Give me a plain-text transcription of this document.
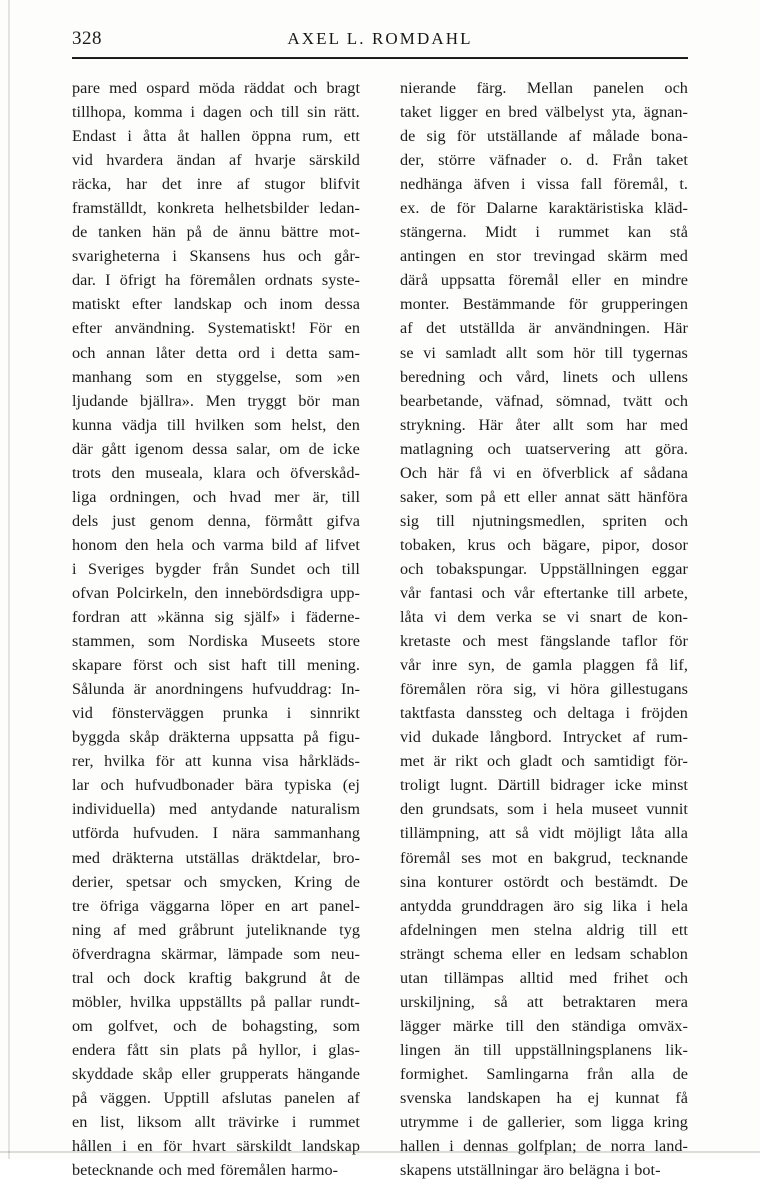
328	AXEL L. ROMDAHL
pare med ospard möda räddat och bragt
tillhopa, komma i dagen och till sin rätt.
Endast i åtta åt hallen öppna rum, ett
vid hvardera ändan af hvarje särskild
räcka, har det inre af stugor blifvit
framställdt, konkreta helhetsbilder ledan-
de tanken hän på de ännu bättre mot-
svarigheterna i Skansens hus och går-
dar. I öfrigt ha föremålen ordnats syste-
matiskt efter landskap och inom dessa
efter användning. Systematiskt! För en
och annan låter detta ord i detta sam-
manhang som en styggelse, som »en
ljudande bjällra». Men tryggt bör man
kunna vädja till hvilken som helst, den
där gått igenom dessa salar, om de icke
trots den museala, klara och öfverskåd-
liga ordningen, och hvad mer är, till
dels just genom denna, förmått gifva
honom den hela och varma bild af lifvet
i Sveriges bygder från Sundet och till
ofvan Polcirkeln, den innebördsdigra upp-
fordran att »känna sig själf» i fäderne-
stammen, som Nordiska Museets store
skapare först och sist haft till mening.
Sålunda är anordningens hufvuddrag: In-
vid fönsterväggen prunka i sinnrikt
byggda skåp dräkterna uppsatta på figu-
rer, hvilka för att kunna visa hårkläds-
lar och hufvudbonader bära typiska (ej
individuella) med antydande naturalism
utförda hufvuden. I nära sammanhang
med dräkterna utställas dräktdelar, bro-
derier, spetsar och smycken, Kring de
tre öfriga väggarna löper en art panel-
ning af med gråbrunt juteliknande tyg
öfverdragna skärmar, lämpade som neu-
tral och dock kraftig bakgrund åt de
möbler, hvilka uppställts på pallar rundt-
om golfvet, och de bohagsting, som
endera fått sin plats på hyllor, i glas-
skyddade skåp eller grupperats hängande
på väggen. Upptill afslutas panelen af
en list, liksom allt trävirke i rummet
hållen i en för hvart särskildt landskap
betecknande och med föremålen harmo-
nierande färg. Mellan panelen och
taket ligger en bred välbelyst yta, ägnan-
de sig för utställande af målade bona-
der, större väfnader o. d. Från taket
nedhänga äfven i vissa fall föremål, t.
ex. de för Dalarne karaktäristiska kläd-
stängerna. Midt i rummet kan stå
antingen en stor trevingad skärm med
därå uppsatta föremål eller en mindre
monter. Bestämmande för grupperingen
af det utställda är användningen. Här
se vi samladt allt som hör till tygernas
beredning och vård, linets och ullens
bearbetande, väfnad, sömnad, tvätt och
strykning. Här åter allt som har med
matlagning och ɯatservering att göra.
Och här få vi en öfverblick af sådana
saker, som på ett eller annat sätt hänföra
sig till njutningsmedlen, spriten och
tobaken, krus och bägare, pipor, dosor
och tobakspungar. Uppställningen eggar
vår fantasi och vår eftertanke till arbete,
låta vi dem verka se vi snart de kon-
kretaste och mest fängslande taflor för
vår inre syn, de gamla plaggen få lif,
föremålen röra sig, vi höra gillestugans
taktfasta danssteg och deltaga i fröjden
vid dukade långbord. Intrycket af rum-
met är rikt och gladt och samtidigt för-
troligt lugnt. Därtill bidrager icke minst
den grundsats, som i hela museet vunnit
tillämpning, att så vidt möjligt låta alla
föremål ses mot en bakgrud, tecknande
sina konturer ostördt och bestämdt. De
antydda grunddragen äro sig lika i hela
afdelningen men stelna aldrig till ett
strängt schema eller en ledsam schablon
utan tillämpas alltid med frihet och
urskiljning, så att betraktaren mera
lägger märke till den ständiga omväx-
lingen än till uppställningsplanens lik-
formighet. Samlingarna från alla de
svenska landskapen ha ej kunnat få
utrymme i de gallerier, som ligga kring
hallen i dennas golfplan; de norra land-
skapens utställningar äro belägna i bot-
